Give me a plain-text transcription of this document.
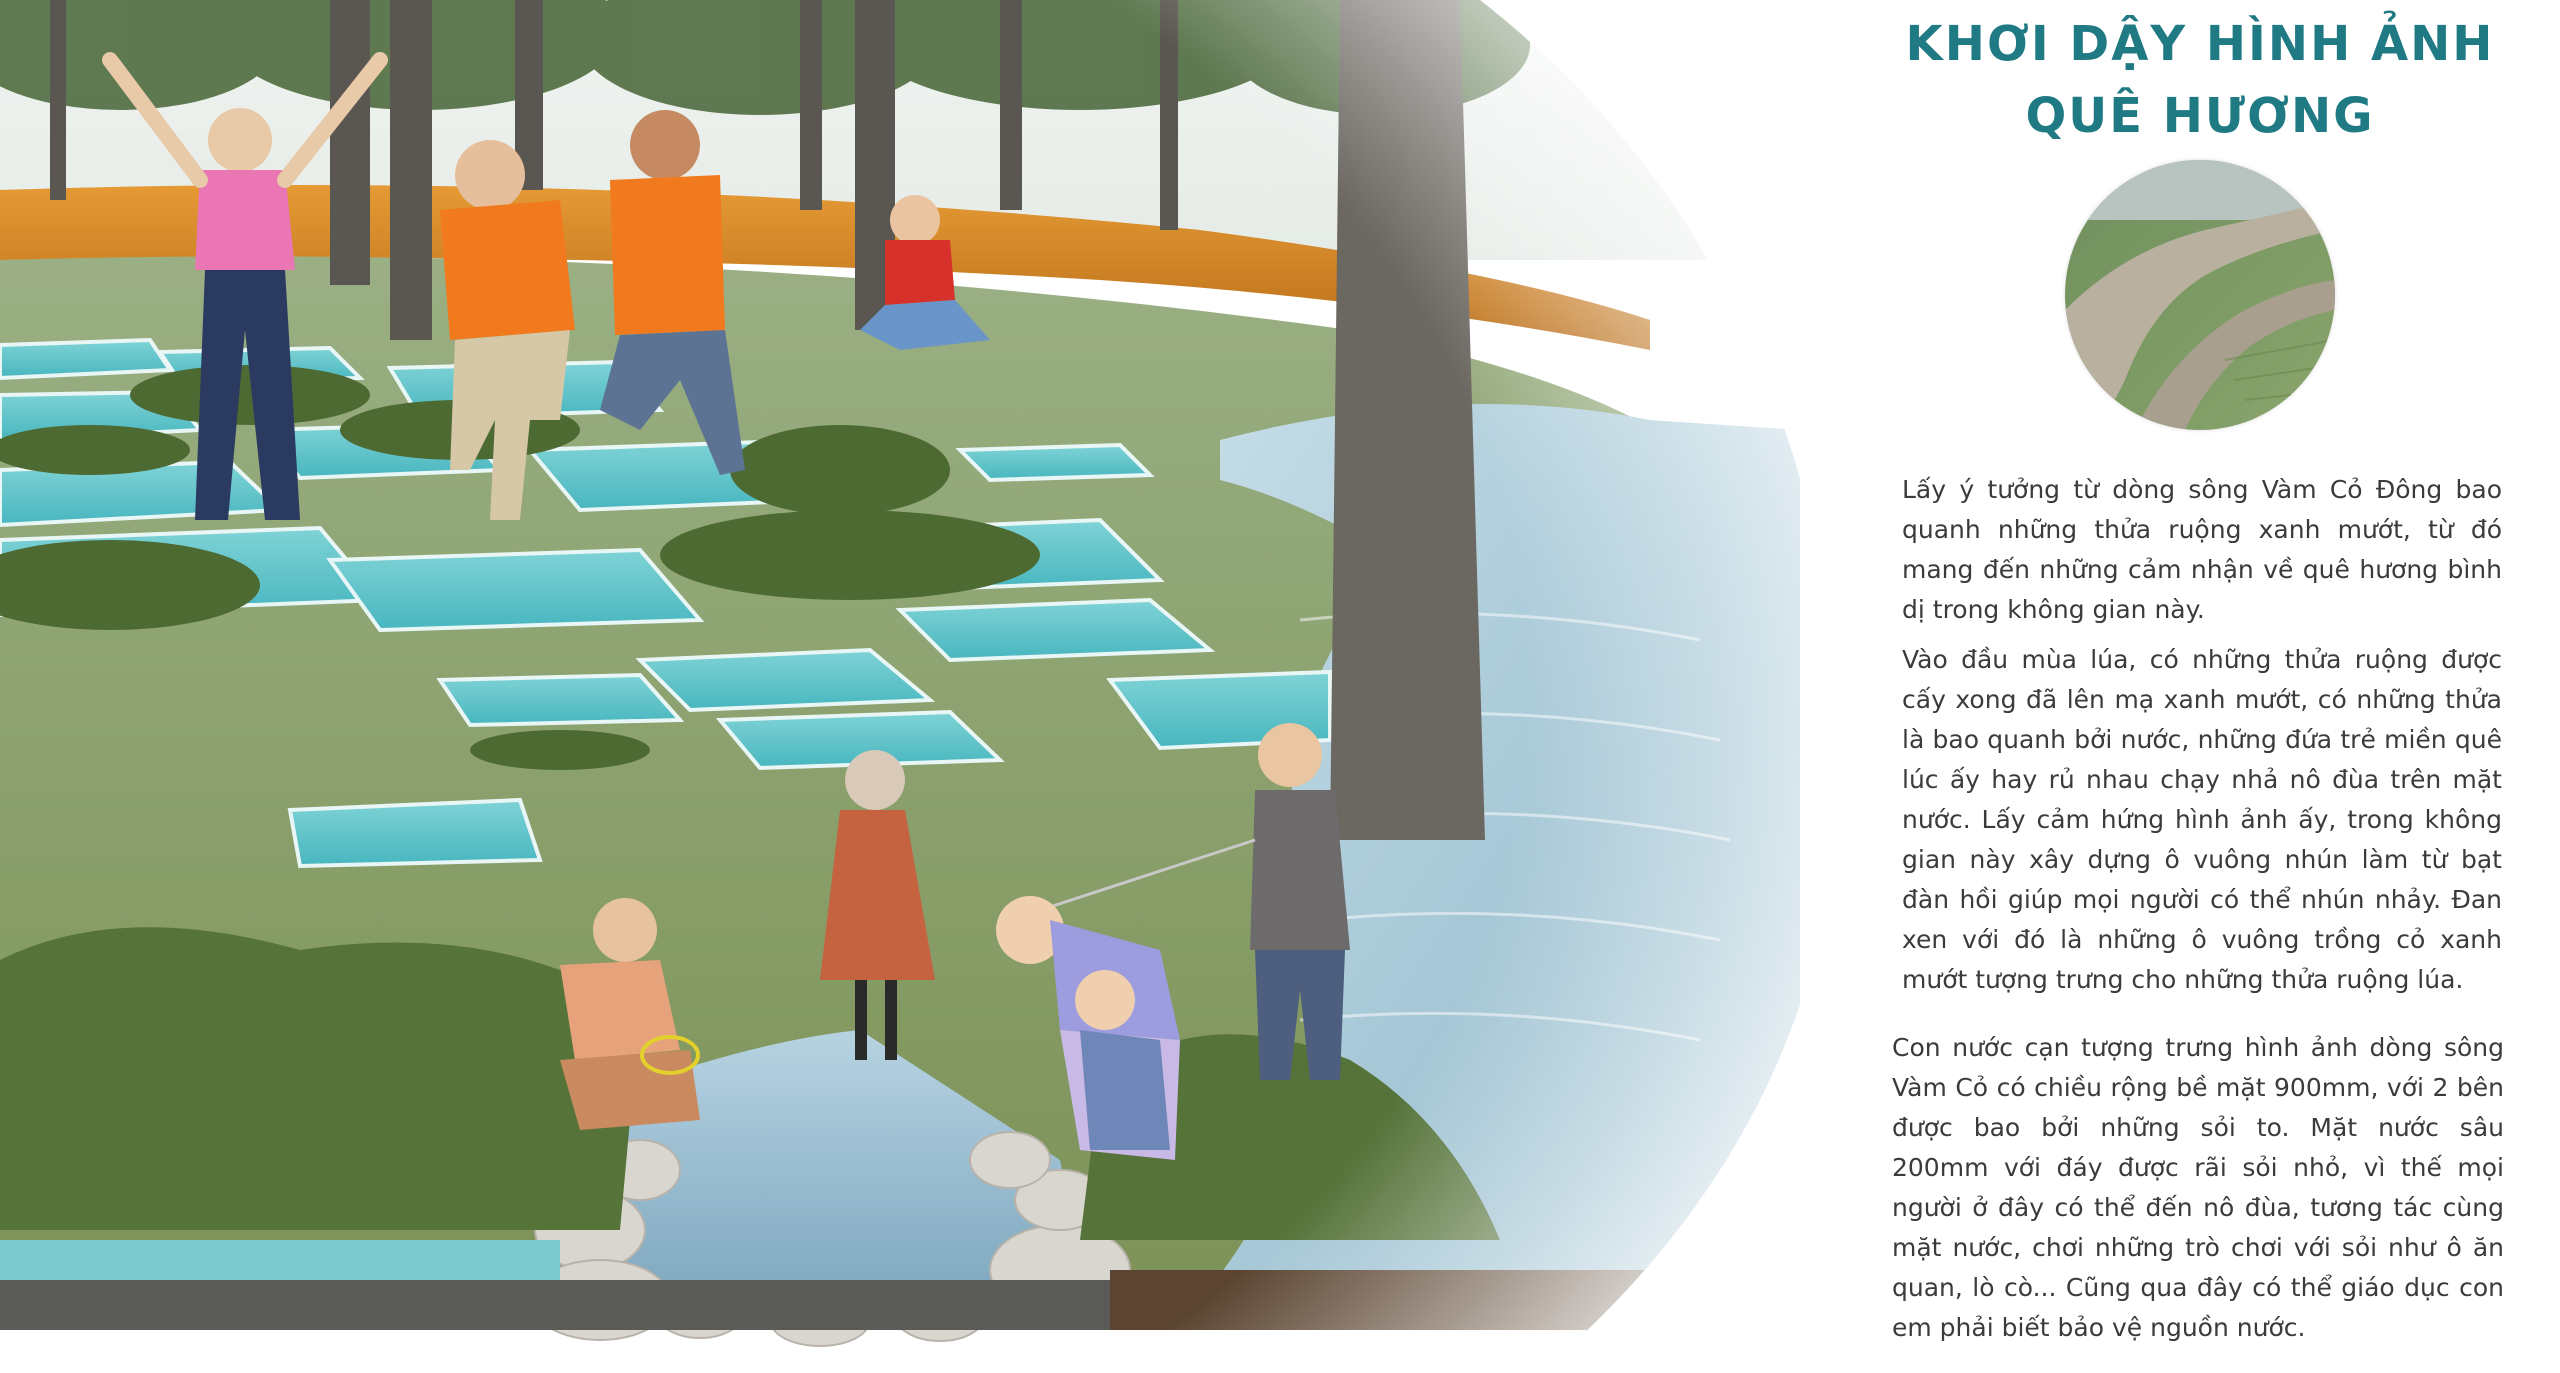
KHƠI DẬY HÌNH ẢNH
QUÊ HƯƠNG

Lấy ý tưởng từ dòng sông Vàm Cỏ Đông bao quanh những thửa ruộng xanh mướt, từ đó mang đến những cảm nhận về quê hương bình dị trong không gian này.

Vào đầu mùa lúa, có những thửa ruộng được cấy xong đã lên mạ xanh mướt, có những thửa là bao quanh bởi nước, những đứa trẻ miền quê lúc ấy hay rủ nhau chạy nhả nô đùa trên mặt nước. Lấy cảm hứng hình ảnh ấy, trong không gian này xây dựng ô vuông nhún làm từ bạt đàn hồi giúp mọi người có thể nhún nhảy. Đan xen với đó là những ô vuông trồng cỏ xanh mướt tượng trưng cho những thửa ruộng lúa.

Con nước cạn tượng trưng hình ảnh dòng sông Vàm Cỏ có chiều rộng bề mặt 900mm, với 2 bên được bao bởi những sỏi to. Mặt nước sâu 200mm với đáy được rãi sỏi nhỏ, vì thế mọi người ở đây có thể đến nô đùa, tương tác cùng mặt nước, chơi những trò chơi với sỏi như ô ăn quan, lò cò... Cũng qua đây có thể giáo dục con em phải biết bảo vệ nguồn nước.
